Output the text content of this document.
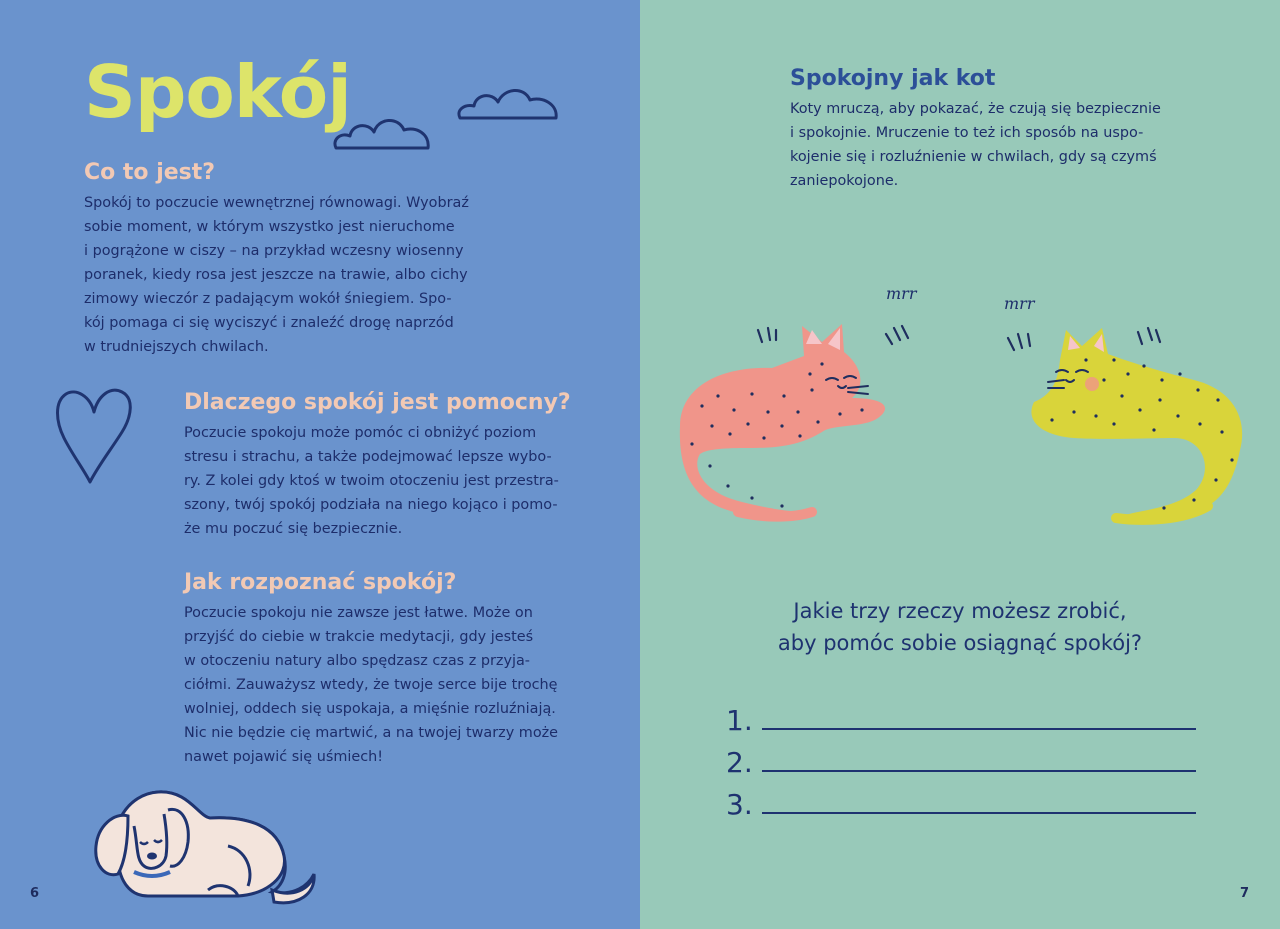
Spokój
Co to jest?

Spokój to poczucie wewnętrznej równowagi. Wyobraź
sobie moment, w którym wszystko jest nieruchome
i pogrążone w ciszy – na przykład wczesny wiosenny
poranek, kiedy rosa jest jeszcze na trawie, albo cichy
zimowy wieczór z padającym wokół śniegiem. Spo-
kój pomaga ci się wyciszyć i znaleźć drogę naprzód
w trudniejszych chwilach.

Dlaczego spokój jest pomocny?

Poczucie spokoju może pomóc ci obniżyć poziom
stresu i strachu, a także podejmować lepsze wybo-
ry. Z kolei gdy ktoś w twoim otoczeniu jest przestra-
szony, twój spokój podziała na niego kojąco i pomo-
że mu poczuć się bezpiecznie.

Jak rozpoznać spokój?

Poczucie spokoju nie zawsze jest łatwe. Może on
przyjść do ciebie w trakcie medytacji, gdy jesteś
w otoczeniu natury albo spędzasz czas z przyja-
ciółmi. Zauważysz wtedy, że twoje serce bije trochę
wolniej, oddech się uspokaja, a mięśnie rozluźniają.
Nic nie będzie cię martwić, a na twojej twarzy może
nawet pojawić się uśmiech!

6
Spokojny jak kot

Koty mruczą, aby pokazać, że czują się bezpiecznie
i spokojnie. Mruczenie to też ich sposób na uspo-
kojenie się i rozluźnienie w chwilach, gdy są czymś
zaniepokojone.

mrr
mrr
Jakie trzy rzeczy możesz zrobić,
aby pomóc sobie osiągnąć spokój?
1.
2.
3.
7
